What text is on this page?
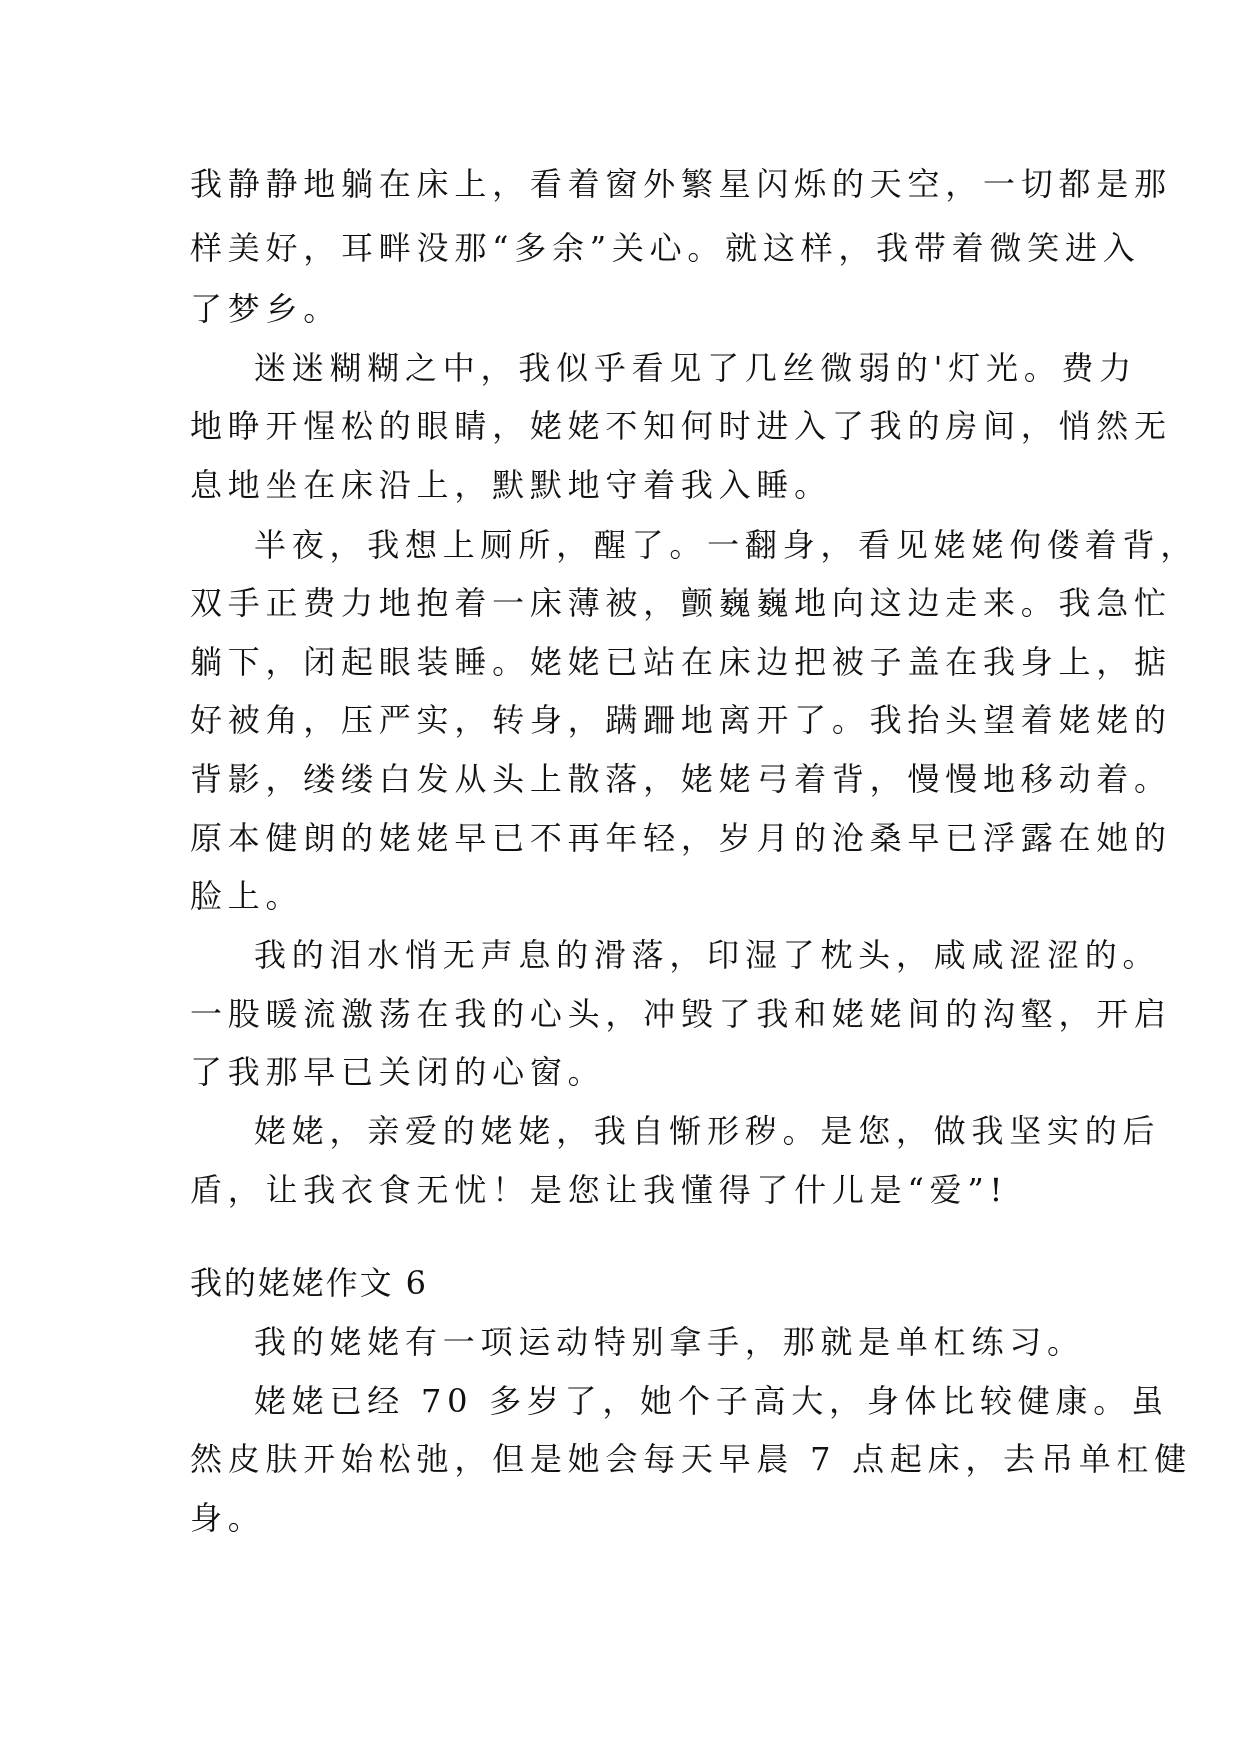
我静静地躺在床上，看着窗外繁星闪烁的天空，一切都是那
样美好，耳畔没那“多余”关心。就这样，我带着微笑进入
了梦乡。
迷迷糊糊之中，我似乎看见了几丝微弱的'灯光。费力
地睁开惺松的眼睛，姥姥不知何时进入了我的房间，悄然无
息地坐在床沿上，默默地守着我入睡。
半夜，我想上厕所，醒了。一翻身，看见姥姥佝偻着背，
双手正费力地抱着一床薄被，颤巍巍地向这边走来。我急忙
躺下，闭起眼装睡。姥姥已站在床边把被子盖在我身上，掂
好被角，压严实，转身，蹒跚地离开了。我抬头望着姥姥的
背影，缕缕白发从头上散落，姥姥弓着背，慢慢地移动着。
原本健朗的姥姥早已不再年轻，岁月的沧桑早已浮露在她的
脸上。
我的泪水悄无声息的滑落，印湿了枕头，咸咸涩涩的。
一股暖流激荡在我的心头，冲毁了我和姥姥间的沟壑，开启
了我那早已关闭的心窗。
姥姥，亲爱的姥姥，我自惭形秽。是您，做我坚实的后
盾，让我衣食无忧！是您让我懂得了什儿是“爱”!
我的姥姥作文 6
我的姥姥有一项运动特别拿手，那就是单杠练习。
姥姥已经 70 多岁了，她个子高大，身体比较健康。虽
然皮肤开始松弛，但是她会每天早晨 7 点起床，去吊单杠健
身。
